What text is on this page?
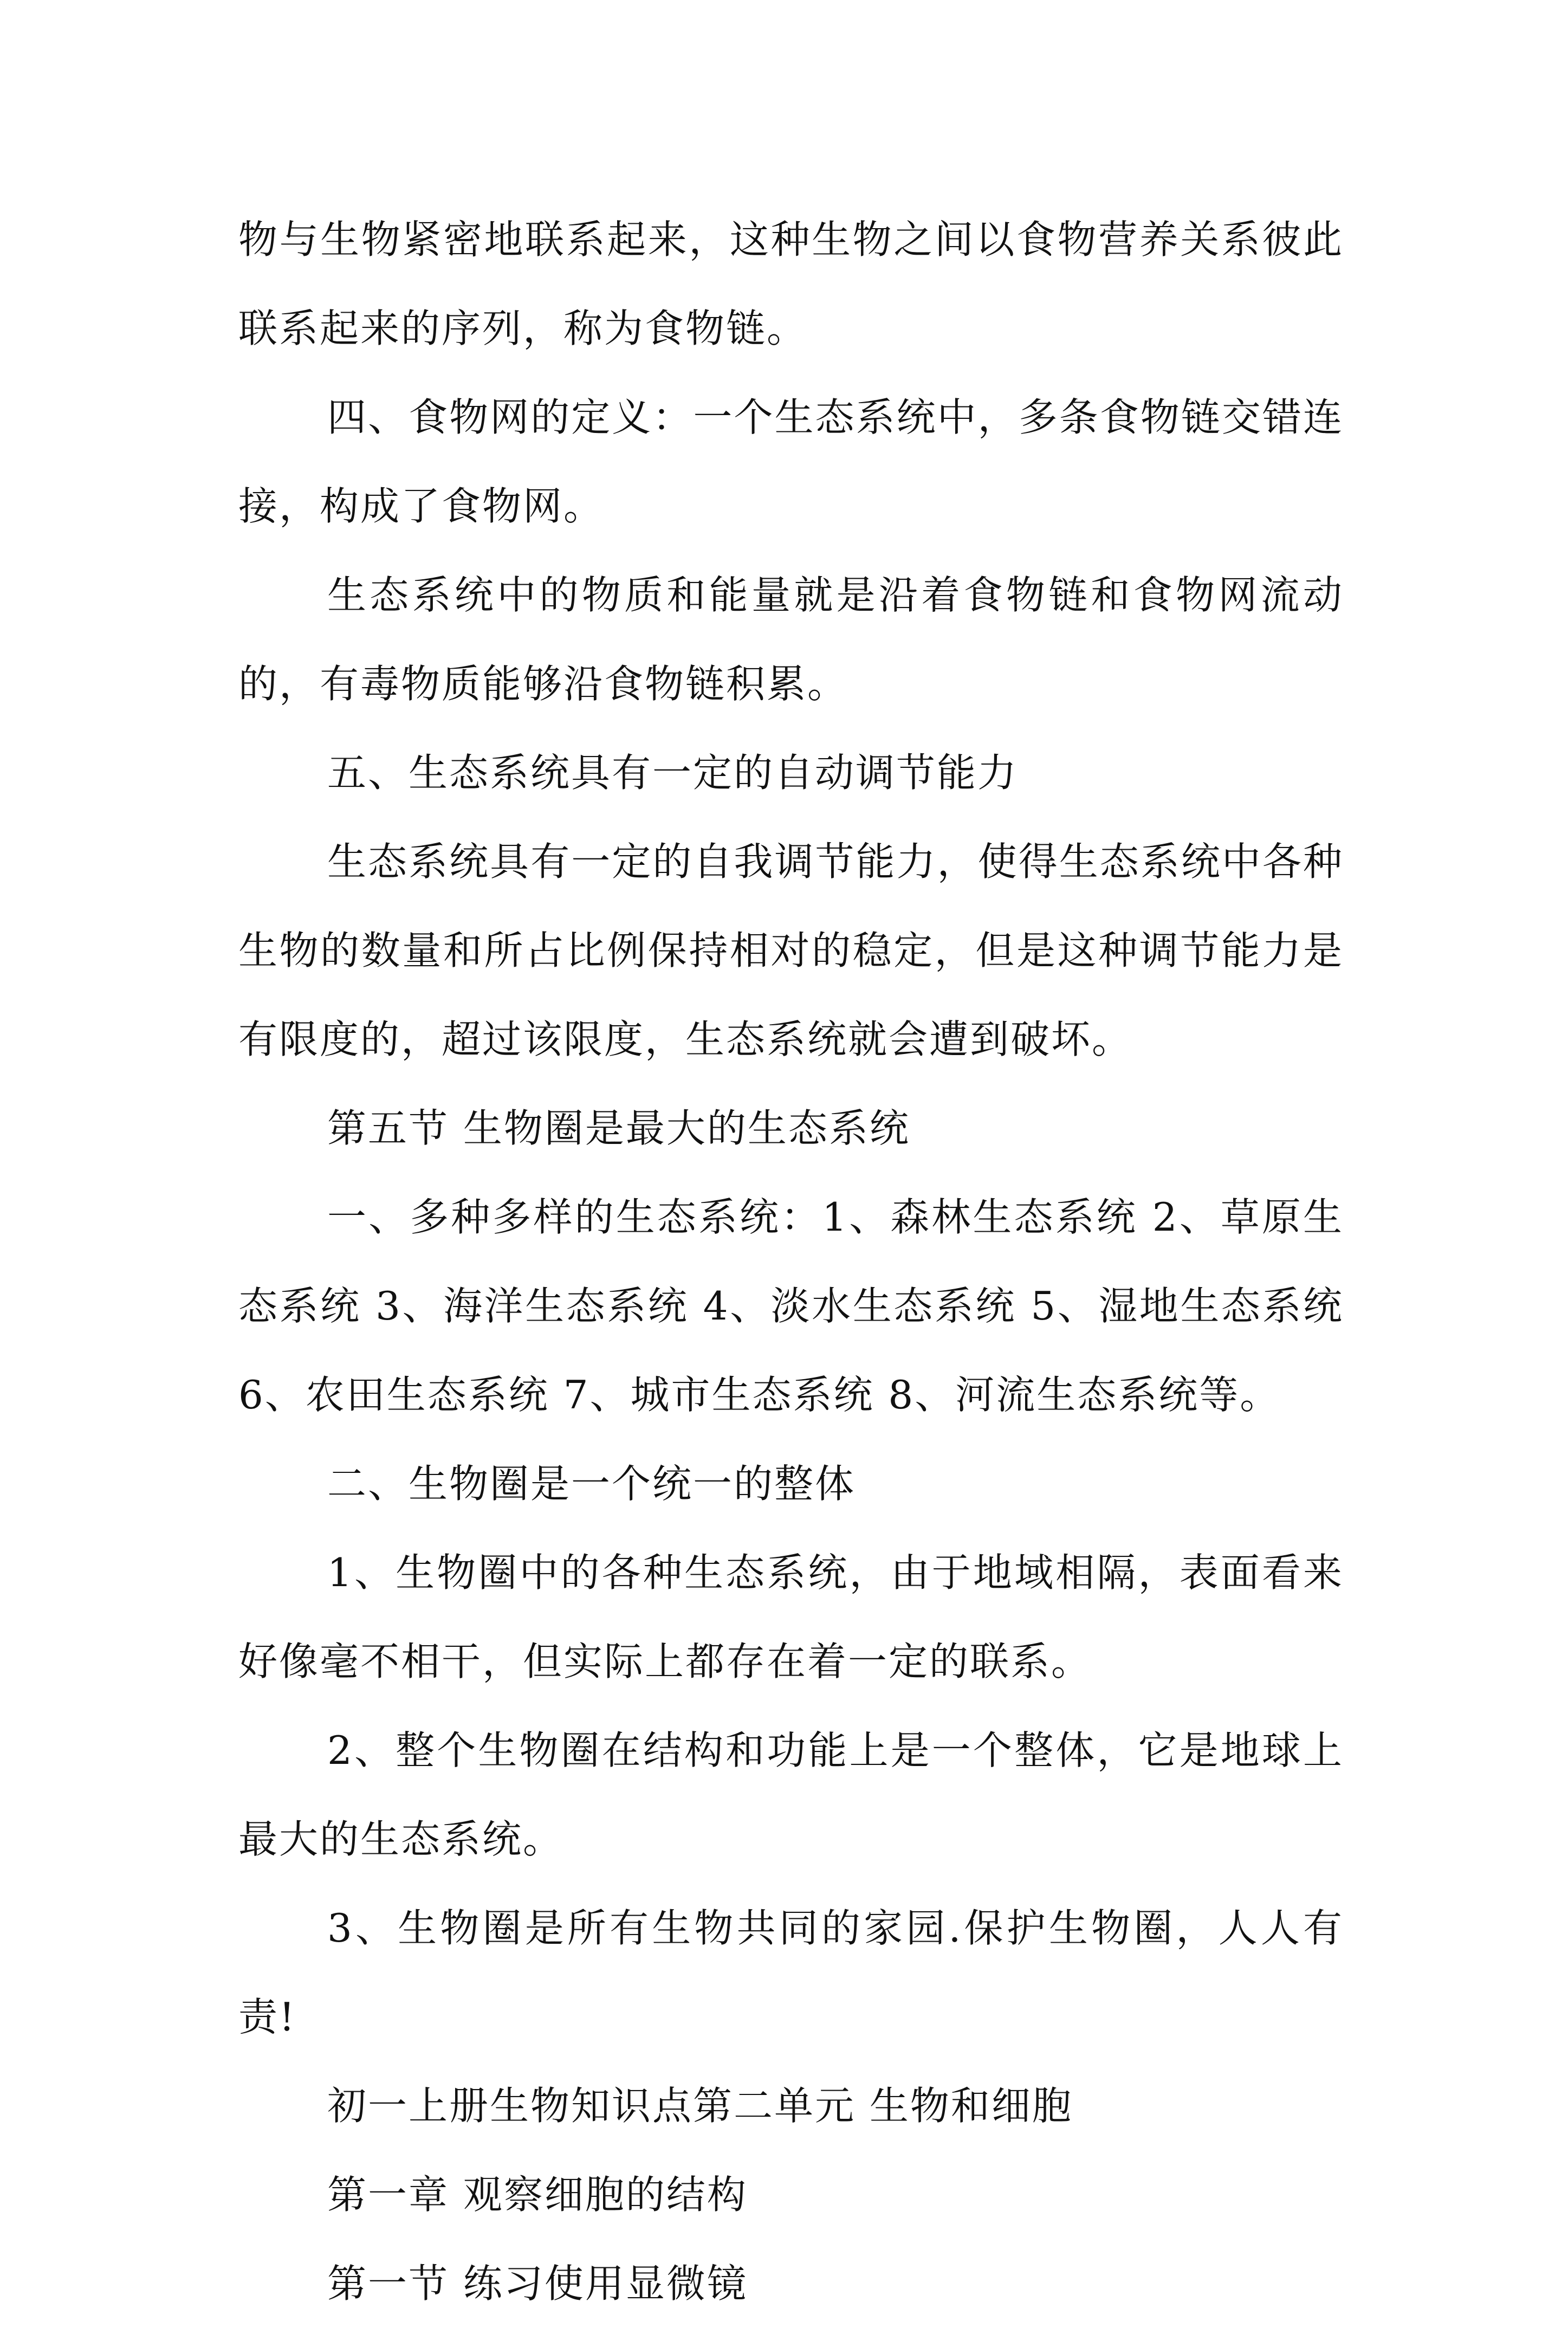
物与生物紧密地联系起来，这种生物之间以食物营养关系彼此联系起来的序列，称为食物链。

四、食物网的定义：一个生态系统中，多条食物链交错连接，构成了食物网。

生态系统中的物质和能量就是沿着食物链和食物网流动的，有毒物质能够沿食物链积累。

五、生态系统具有一定的自动调节能力

生态系统具有一定的自我调节能力，使得生态系统中各种生物的数量和所占比例保持相对的稳定，但是这种调节能力是有限度的，超过该限度，生态系统就会遭到破坏。

第五节 生物圈是最大的生态系统

一、多种多样的生态系统：1、森林生态系统 2、草原生态系统 3、海洋生态系统 4、淡水生态系统 5、湿地生态系统 6、农田生态系统 7、城市生态系统 8、河流生态系统等。

二、生物圈是一个统一的整体

1、生物圈中的各种生态系统，由于地域相隔，表面看来好像毫不相干，但实际上都存在着一定的联系。

2、整个生物圈在结构和功能上是一个整体，它是地球上最大的生态系统。

3、生物圈是所有生物共同的家园.保护生物圈，人人有责!

初一上册生物知识点第二单元 生物和细胞

第一章 观察细胞的结构

第一节 练习使用显微镜
